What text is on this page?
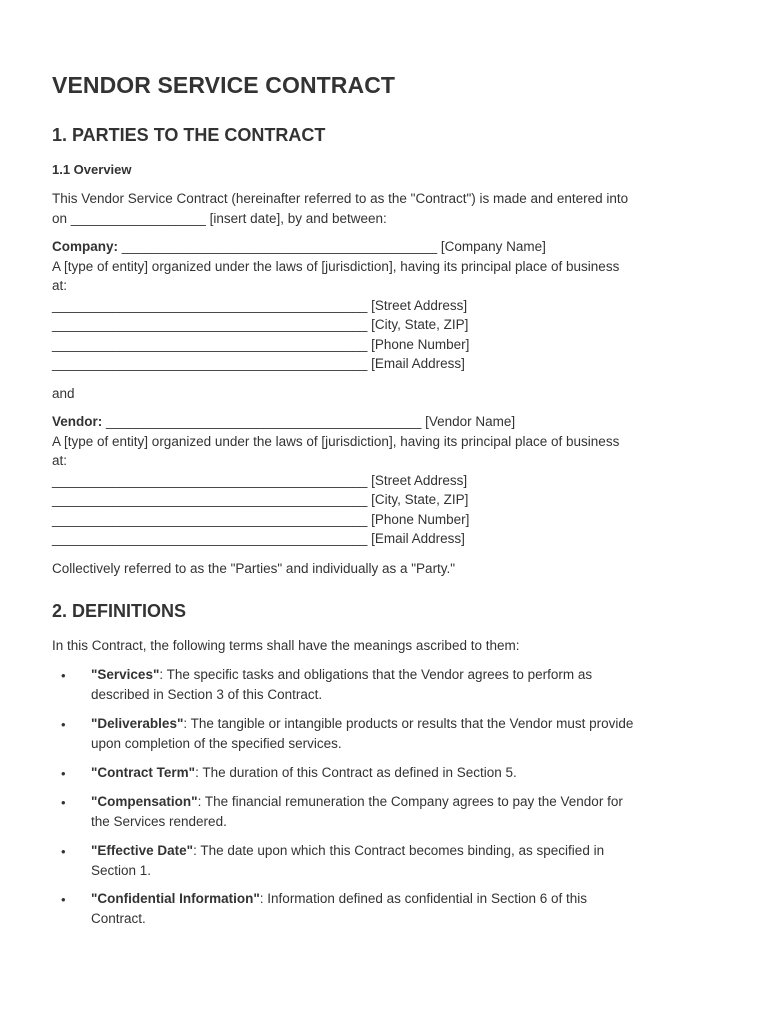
VENDOR SERVICE CONTRACT
1. PARTIES TO THE CONTRACT
1.1 Overview
This Vendor Service Contract (hereinafter referred to as the "Contract") is made and entered into
on __________________ [insert date], by and between:
Company: __________________________________________ [Company Name]
A [type of entity] organized under the laws of [jurisdiction], having its principal place of business
at:
__________________________________________ [Street Address]
__________________________________________ [City, State, ZIP]
__________________________________________ [Phone Number]
__________________________________________ [Email Address]
and
Vendor: __________________________________________ [Vendor Name]
A [type of entity] organized under the laws of [jurisdiction], having its principal place of business
at:
__________________________________________ [Street Address]
__________________________________________ [City, State, ZIP]
__________________________________________ [Phone Number]
__________________________________________ [Email Address]
Collectively referred to as the "Parties" and individually as a "Party."
2. DEFINITIONS
In this Contract, the following terms shall have the meanings ascribed to them:
• "Services": The specific tasks and obligations that the Vendor agrees to perform as
described in Section 3 of this Contract.
• "Deliverables": The tangible or intangible products or results that the Vendor must provide
upon completion of the specified services.
• "Contract Term": The duration of this Contract as defined in Section 5.
• "Compensation": The financial remuneration the Company agrees to pay the Vendor for
the Services rendered.
• "Effective Date": The date upon which this Contract becomes binding, as specified in
Section 1.
• "Confidential Information": Information defined as confidential in Section 6 of this
Contract.
